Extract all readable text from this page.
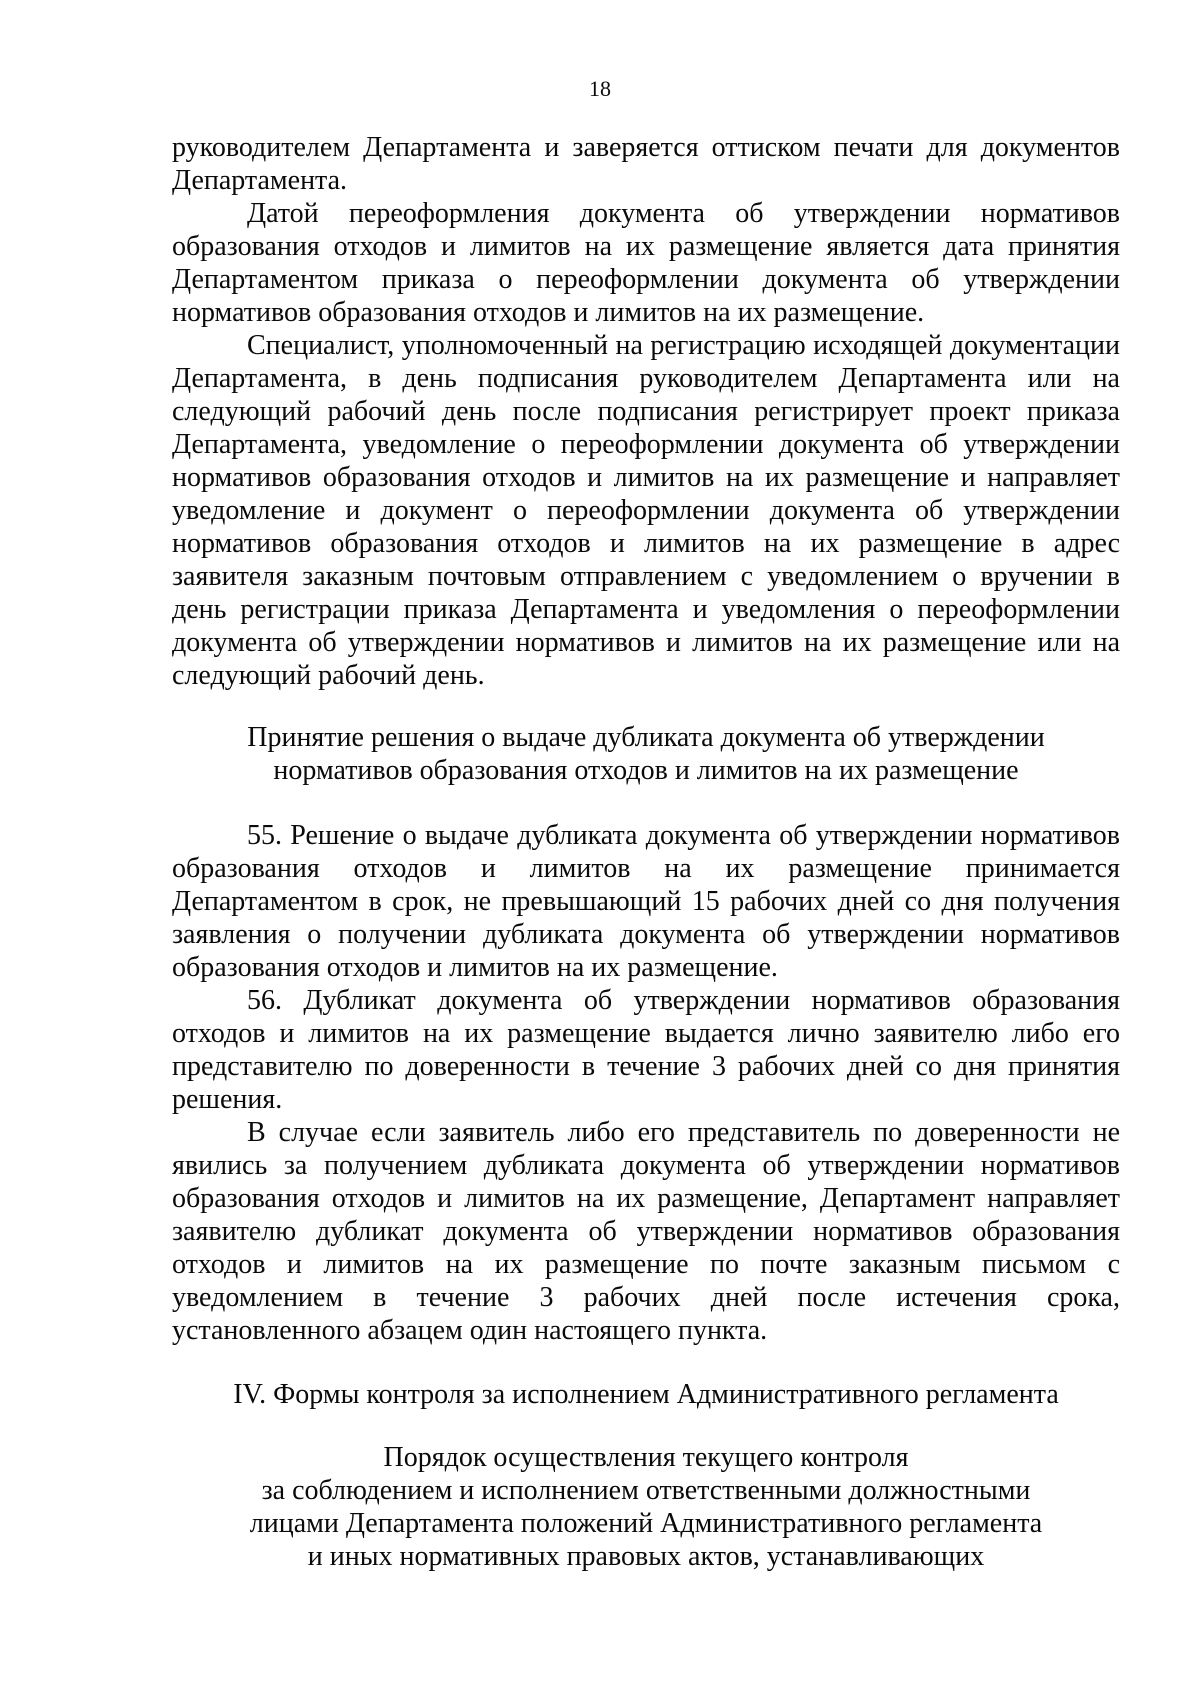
18

руководителем Департамента и заверяется оттиском печати для документов Департамента.

Датой переоформления документа об утверждении нормативов образования отходов и лимитов на их размещение является дата принятия Департаментом приказа о переоформлении документа об утверждении нормативов образования отходов и лимитов на их размещение.

Специалист, уполномоченный на регистрацию исходящей документации Департамента, в день подписания руководителем Департамента или на следующий рабочий день после подписания регистрирует проект приказа Департамента, уведомление о переоформлении документа об утверждении нормативов образования отходов и лимитов на их размещение и направляет уведомление и документ о переоформлении документа об утверждении нормативов образования отходов и лимитов на их размещение в адрес заявителя заказным почтовым отправлением с уведомлением о вручении в день регистрации приказа Департамента и уведомления о переоформлении документа об утверждении нормативов и лимитов на их размещение или на следующий рабочий день.

Принятие решения о выдаче дубликата документа об утверждении

нормативов образования отходов и лимитов на их размещение

55. Решение о выдаче дубликата документа об утверждении нормативов образования отходов и лимитов на их размещение принимается Департаментом в срок, не превышающий 15 рабочих дней со дня получения заявления о получении дубликата документа об утверждении нормативов образования отходов и лимитов на их размещение.

56. Дубликат документа об утверждении нормативов образования отходов и лимитов на их размещение выдается лично заявителю либо его представителю по доверенности в течение 3 рабочих дней со дня принятия решения.

В случае если заявитель либо его представитель по доверенности не явились за получением дубликата документа об утверждении нормативов образования отходов и лимитов на их размещение, Департамент направляет заявителю дубликат документа об утверждении нормативов образования отходов и лимитов на их размещение по почте заказным письмом с уведомлением в течение 3 рабочих дней после истечения срока, установленного абзацем один настоящего пункта.

IV. Формы контроля за исполнением Административного регламента

Порядок осуществления текущего контроля

за соблюдением и исполнением ответственными должностными

лицами Департамента положений Административного регламента

и иных нормативных правовых актов, устанавливающих
